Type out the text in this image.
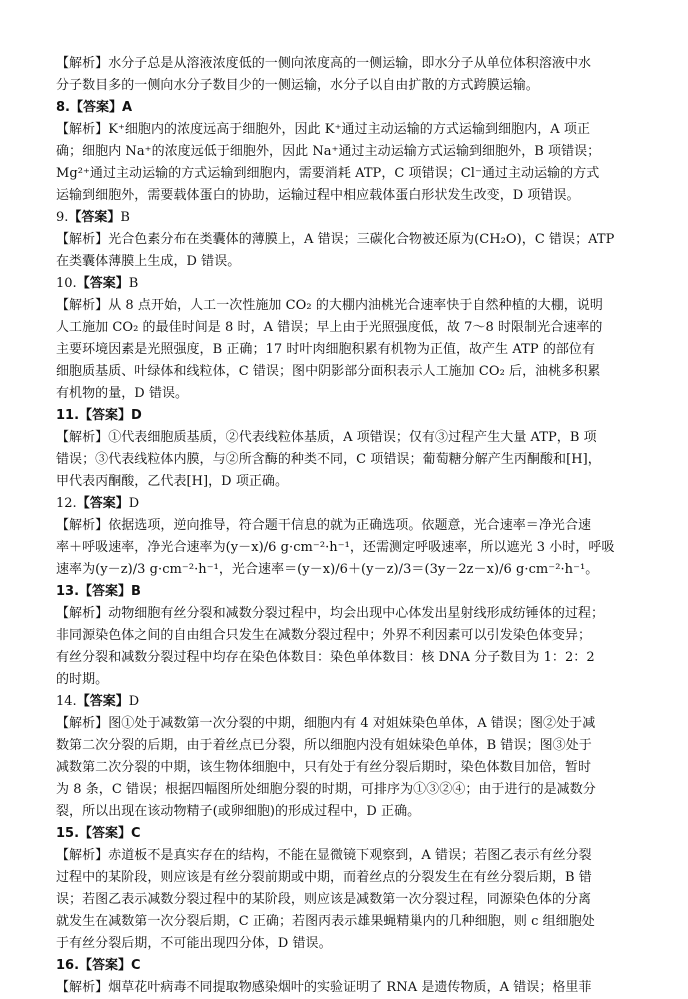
【解析】水分子总是从溶液浓度低的一侧向浓度高的一侧运输，即水分子从单位体积溶液中水
分子数目多的一侧向水分子数目少的一侧运输，水分子以自由扩散的方式跨膜运输。
8.【答案】A
【解析】K⁺细胞内的浓度远高于细胞外，因此 K⁺通过主动运输的方式运输到细胞内，A 项正
确；细胞内 Na⁺的浓度远低于细胞外，因此 Na⁺通过主动运输方式运输到细胞外，B 项错误；
Mg²⁺通过主动运输的方式运输到细胞内，需要消耗 ATP，C 项错误；Cl⁻通过主动运输的方式
运输到细胞外，需要载体蛋白的协助，运输过程中相应载体蛋白形状发生改变，D 项错误。
9.【答案】B
【解析】光合色素分布在类囊体的薄膜上，A 错误；三碳化合物被还原为(CH₂O)，C 错误；ATP
在类囊体薄膜上生成，D 错误。
10.【答案】B
【解析】从 8 点开始，人工一次性施加 CO₂ 的大棚内油桃光合速率快于自然种植的大棚，说明
人工施加 CO₂ 的最佳时间是 8 时，A 错误；早上由于光照强度低，故 7～8 时限制光合速率的
主要环境因素是光照强度，B 正确；17 时叶肉细胞积累有机物为正值，故产生 ATP 的部位有
细胞质基质、叶绿体和线粒体，C 错误；图中阴影部分面积表示人工施加 CO₂ 后，油桃多积累
有机物的量，D 错误。
11.【答案】D
【解析】①代表细胞质基质，②代表线粒体基质，A 项错误；仅有③过程产生大量 ATP，B 项
错误；③代表线粒体内膜，与②所含酶的种类不同，C 项错误；葡萄糖分解产生丙酮酸和[H]，
甲代表丙酮酸，乙代表[H]，D 项正确。
12.【答案】D
【解析】依据选项，逆向推导，符合题干信息的就为正确选项。依题意，光合速率＝净光合速
率＋呼吸速率，净光合速率为(y－x)/6 g·cm⁻²·h⁻¹，还需测定呼吸速率，所以遮光 3 小时，呼吸
速率为(y－z)/3 g·cm⁻²·h⁻¹，光合速率＝(y－x)/6＋(y－z)/3＝(3y－2z－x)/6 g·cm⁻²·h⁻¹。
13.【答案】B
【解析】动物细胞有丝分裂和减数分裂过程中，均会出现中心体发出星射线形成纺锤体的过程；
非同源染色体之间的自由组合只发生在减数分裂过程中；外界不利因素可以引发染色体变异；
有丝分裂和减数分裂过程中均存在染色体数目：染色单体数目：核 DNA 分子数目为 1：2：2
的时期。
14.【答案】D
【解析】图①处于减数第一次分裂的中期，细胞内有 4 对姐妹染色单体，A 错误；图②处于减
数第二次分裂的后期，由于着丝点已分裂，所以细胞内没有姐妹染色单体，B 错误；图③处于
减数第二次分裂的中期，该生物体细胞中，只有处于有丝分裂后期时，染色体数目加倍，暂时
为 8 条，C 错误；根据四幅图所处细胞分裂的时期，可排序为①③②④；由于进行的是减数分
裂，所以出现在该动物精子(或卵细胞)的形成过程中，D 正确。
15.【答案】C
【解析】赤道板不是真实存在的结构，不能在显微镜下观察到，A 错误；若图乙表示有丝分裂
过程中的某阶段，则应该是有丝分裂前期或中期，而着丝点的分裂发生在有丝分裂后期，B 错
误；若图乙表示减数分裂过程中的某阶段，则应该是减数第一次分裂过程，同源染色体的分离
就发生在减数第一次分裂后期，C 正确；若图丙表示雄果蝇精巢内的几种细胞，则 c 组细胞处
于有丝分裂后期，不可能出现四分体，D 错误。
16.【答案】C
【解析】烟草花叶病毒不同提取物感染烟叶的实验证明了 RNA 是遗传物质，A 错误；格里菲
